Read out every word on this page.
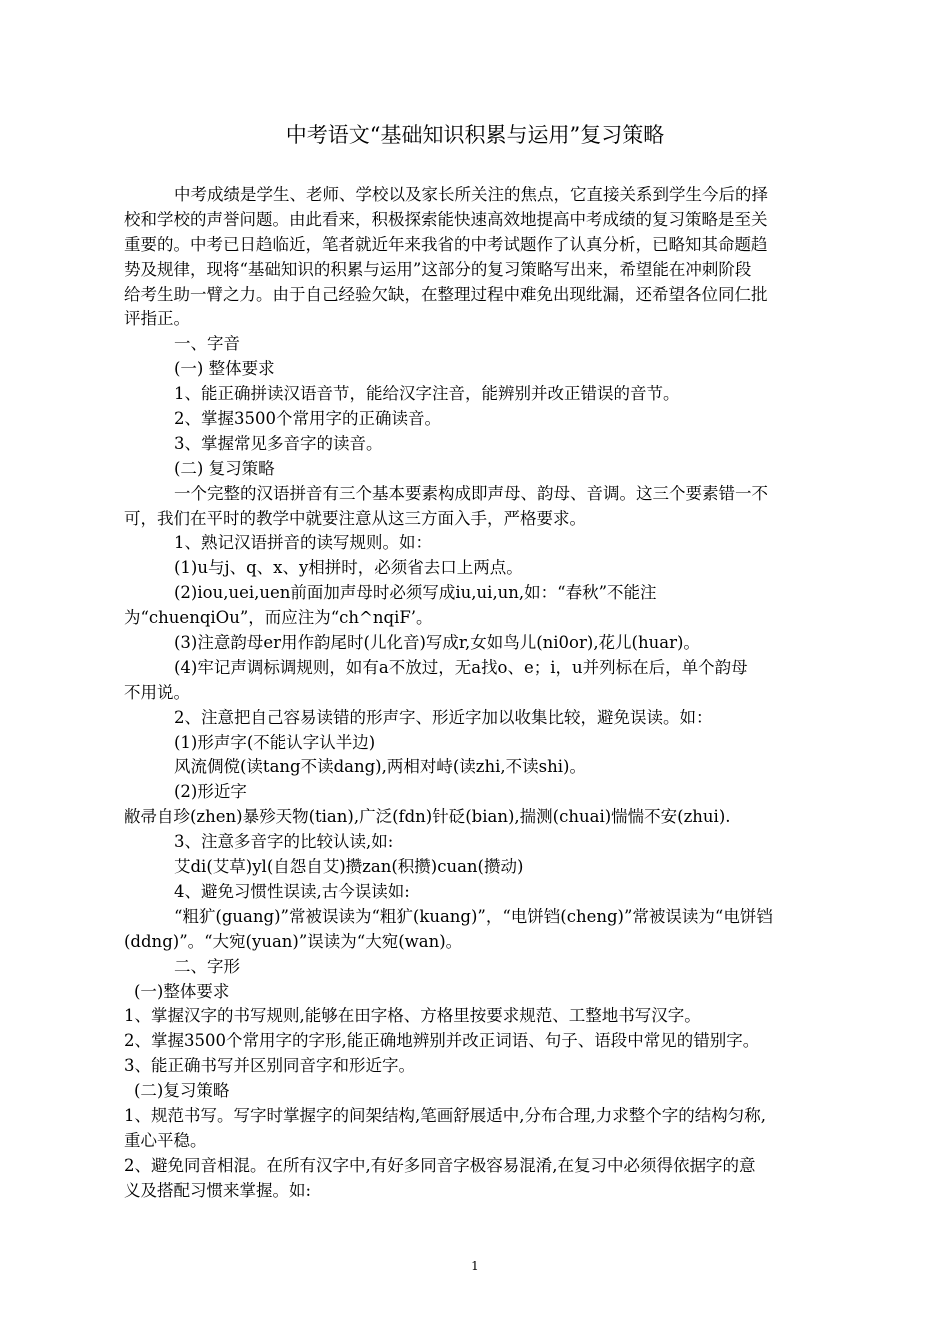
中考语文“基础知识积累与运用”复习策略
中考成绩是学生、老师、学校以及家长所关注的焦点，它直接关系到学生今后的择
校和学校的声誉问题。由此看来，积极探索能快速高效地提高中考成绩的复习策略是至关
重要的。中考已日趋临近，笔者就近年来我省的中考试题作了认真分析，已略知其命题趋
势及规律，现将“基础知识的积累与运用”这部分的复习策略写出来，希望能在冲刺阶段
给考生助一臂之力。由于自己经验欠缺，在整理过程中难免出现纰漏，还希望各位同仁批
评指正。
一、字音
(一) 整体要求
1、能正确拼读汉语音节，能给汉字注音，能辨别并改正错误的音节。
2、掌握3500个常用字的正确读音。
3、掌握常见多音字的读音。
(二) 复习策略
一个完整的汉语拼音有三个基本要素构成即声母、韵母、音调。这三个要素错一不
可，我们在平时的教学中就要注意从这三方面入手，严格要求。
1、熟记汉语拼音的读写规则。如：
(1)u与j、q、x、y相拼时，必须省去口上两点。
(2)iou,uei,uen前面加声母时必须写成iu,ui,un,如：“春秋”不能注
为“chuenqiOu”，而应注为“ch^nqiF’。
(3)注意韵母er用作韵尾时(儿化音)写成r,女如鸟儿(ni0or),花儿(huar)。
(4)牢记声调标调规则，如有a不放过，无a找o、e；i，u并列标在后，单个韵母
不用说。
2、注意把自己容易读错的形声字、形近字加以收集比较，避免误读。如：
(1)形声字(不能认字认半边)
风流倜傥(读tang不读dang),两相对峙(读zhi,不读shi)。
(2)形近字
敝帚自珍(zhen)暴殄天物(tian),广泛(fdn)针砭(bian),揣测(chuai)惴惴不安(zhui).
3、注意多音字的比较认读,如:
艾di(艾草)yl(自怨自艾)攒zan(积攒)cuan(攒动)
4、避免习惯性误读,古今误读如:
“粗犷(guang)”常被误读为“粗犷(kuang)”，“电饼铛(cheng)”常被误读为“电饼铛
(ddng)”。“大宛(yuan)”误读为“大宛(wan)。
二、字形
(一)整体要求
1、掌握汉字的书写规则,能够在田字格、方格里按要求规范、工整地书写汉字。
2、掌握3500个常用字的字形,能正确地辨别并改正词语、句子、语段中常见的错别字。
3、能正确书写并区别同音字和形近字。
(二)复习策略
1、规范书写。写字时掌握字的间架结构,笔画舒展适中,分布合理,力求整个字的结构匀称,
重心平稳。
2、避免同音相混。在所有汉字中,有好多同音字极容易混淆,在复习中必须得依据字的意
义及搭配习惯来掌握。如:
1
